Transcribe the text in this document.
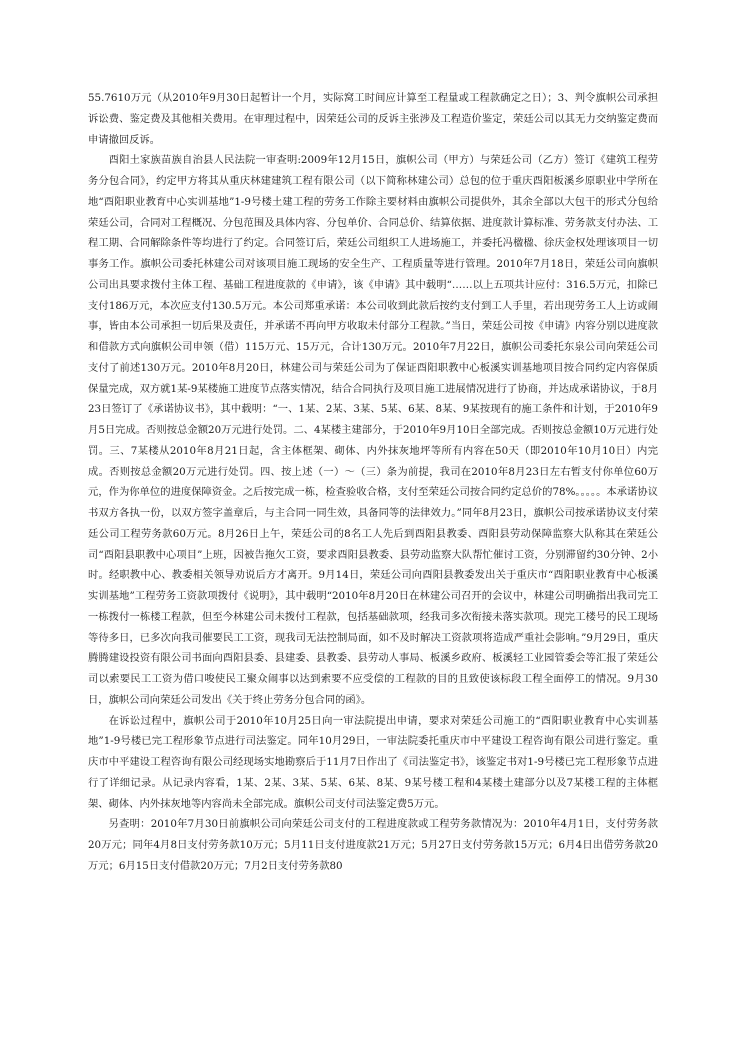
55.7610万元（从2010年9月30日起暂计一个月，实际窝工时间应计算至工程量或工程款确定之日）；3、判令旗帜公司承担诉讼费、鉴定费及其他相关费用。在审理过程中，因荣廷公司的反诉主张涉及工程造价鉴定，荣廷公司以其无力交纳鉴定费而申请撤回反诉。

酉阳土家族苗族自治县人民法院一审查明:2009年12月15日，旗帜公司（甲方）与荣廷公司（乙方）签订《建筑工程劳务分包合同》，约定甲方将其从重庆林建建筑工程有限公司（以下简称林建公司）总包的位于重庆酉阳板溪乡原职业中学所在地“酉阳职业教育中心实训基地”1-9号楼土建工程的劳务工作除主要材料由旗帜公司提供外，其余全部以大包干的形式分包给荣廷公司，合同对工程概况、分包范围及具体内容、分包单价、合同总价、结算依据、进度款计算标准、劳务款支付办法、工程工期、合同解除条件等均进行了约定。合同签订后，荣廷公司组织工人进场施工，并委托冯楹楹、徐庆金权处理该项目一切事务工作。旗帜公司委托林建公司对该项目施工现场的安全生产、工程质量等进行管理。2010年7月18日，荣廷公司向旗帜公司出具要求拨付主体工程、基础工程进度款的《申请》，该《申请》其中载明“……以上五项共计应付：316.5万元，扣除已支付186万元，本次应支付130.5万元。本公司郑重承诺：本公司收到此款后按约支付到工人手里，若出现劳务工人上访或闹事，皆由本公司承担一切后果及责任，并承诺不再向甲方收取未付部分工程款。”当日，荣廷公司按《申请》内容分别以进度款和借款方式向旗帜公司申领（借）115万元、15万元，合计130万元。2010年7月22日，旗帜公司委托东泉公司向荣廷公司支付了前述130万元。2010年8月20日，林建公司与荣廷公司为了保证酉阳职教中心板溪实训基地项目按合同约定内容保质保量完成，双方就1某-9某楼施工进度节点落实情况，结合合同执行及项目施工进展情况进行了协商，并达成承诺协议，于8月23日签订了《承诺协议书》，其中载明：“一、1某、2某、3某、5某、6某、8某、9某按现有的施工条件和计划，于2010年9月5日完成。否则按总金额20万元进行处罚。二、4某楼主建部分，于2010年9月10日全部完成。否则按总金额10万元进行处罚。三、7某楼从2010年8月21日起，含主体框架、砌体、内外抹灰地坪等所有内容在50天（即2010年10月10日）内完成。否则按总金额20万元进行处罚。四、按上述（一）～（三）条为前提，我司在2010年8月23日左右暂支付你单位60万元，作为你单位的进度保障资金。之后按完成一栋，检查验收合格，支付至荣廷公司按合同约定总价的78%。。。。。本承诺协议书双方各执一份，以双方签字盖章后，与主合同一同生效，具备同等的法律效力。”同年8月23日，旗帜公司按承诺协议支付荣廷公司工程劳务款60万元。8月26日上午，荣廷公司的8名工人先后到酉阳县教委、酉阳县劳动保障监察大队称其在荣廷公司“酉阳县职教中心项目”上班，因被告拖欠工资，要求酉阳县教委、县劳动监察大队帮忙催讨工资，分别滞留约30分钟、2小时。经职教中心、教委相关领导劝说后方才离开。9月14日，荣廷公司向酉阳县教委发出关于重庆市“酉阳职业教育中心板溪实训基地”工程劳务工资款项拨付《说明》，其中载明“2010年8月20日在林建公司召开的会议中，林建公司明确指出我司完工一栋拨付一栋楼工程款，但至今林建公司未拨付工程款，包括基础款项，经我司多次衔接未落实款项。现完工楼号的民工现场等待多日，已多次向我司催要民工工资，现我司无法控制局面，如不及时解决工资款项将造成严重社会影响。”9月29日，重庆腾腾建设投资有限公司书面向酉阳县委、县建委、县教委、县劳动人事局、板溪乡政府、板溪轻工业园管委会等汇报了荣廷公司以索要民工工资为借口唆使民工聚众闹事以达到索要不应受偿的工程款的目的且致使该标段工程全面停工的情况。9月30日，旗帜公司向荣廷公司发出《关于终止劳务分包合同的函》。

在诉讼过程中，旗帜公司于2010年10月25日向一审法院提出申请，要求对荣廷公司施工的“酉阳职业教育中心实训基地”1-9号楼已完工程形象节点进行司法鉴定。同年10月29日，一审法院委托重庆市中平建设工程咨询有限公司进行鉴定。重庆市中平建设工程咨询有限公司经现场实地勘察后于11月7日作出了《司法鉴定书》，该鉴定书对1-9号楼已完工程形象节点进行了详细记录。从记录内容看，1某、2某、3某、5某、6某、8某、9某号楼工程和4某楼土建部分以及7某楼工程的主体框架、砌体、内外抹灰地等内容尚未全部完成。旗帜公司支付司法鉴定费5万元。

另查明：2010年7月30日前旗帜公司向荣廷公司支付的工程进度款或工程劳务款情况为：2010年4月1日，支付劳务款20万元；同年4月8日支付劳务款10万元；5月11日支付进度款21万元；5月27日支付劳务款15万元；6月4日出借劳务款20万元；6月15日支付借款20万元；7月2日支付劳务款80
